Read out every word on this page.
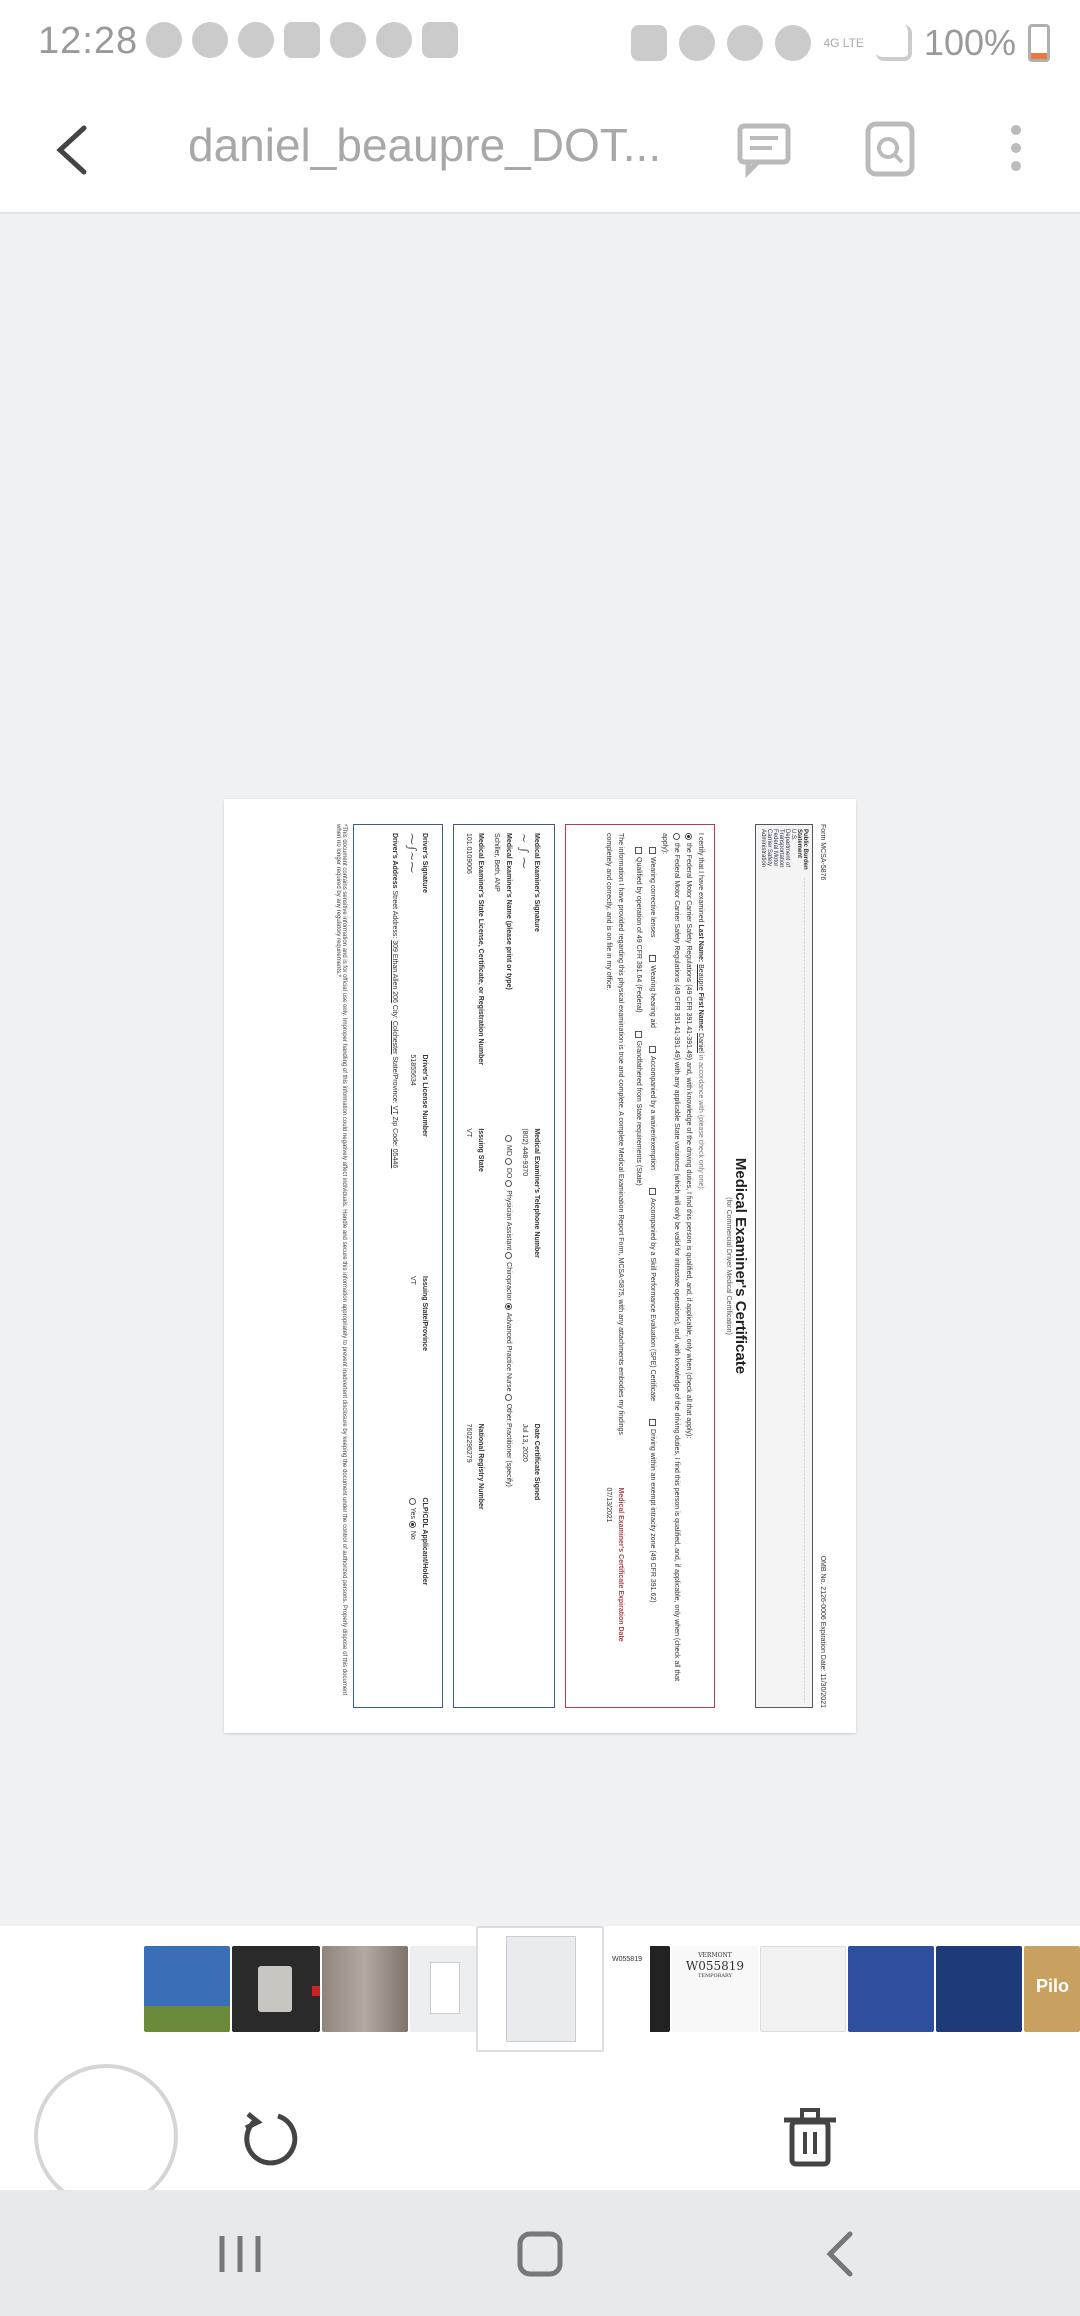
12:28	4G LTE 100%
daniel_beaupre_DOT...
Form MCSA-5876
OMB No. 2126-0006 Expiration Date: 11/30/2021
Public Burden Statement
U.S. Department of Transportation Federal Motor Carrier Safety Administration
..................................................................................................................................................................................................................................................................................................................................................................................................................................................................................................................................................................................................................
Medical Examiner's Certificate
(for Commercial Driver Medical Certification)
I certify that I have examined Last Name: Beaupre First Name: Daniel in accordance with (please check only one):
the Federal Motor Carrier Safety Regulations (49 CFR 391.41-391.49) and, with knowledge of the driving duties, I find this person is qualified, and, if applicable, only when (check all that apply):
the Federal Motor Carrier Safety Regulations (49 CFR 391.41-391.49) with any applicable State variances (which will only be valid for intrastate operations), and, with knowledge of the driving duties, I find this person is qualified, and, if applicable, only when (check all that apply):
Wearing corrective lenses
Wearing hearing aid
Accompanied by a waiver/exemption
Accompanied by a Skill Performance Evaluation (SPE) Certificate
Driving within an exempt intracity zone (49 CFR 391.62)
Qualified by operation of 49 CFR 391.64 (Federal)
Grandfathered from State requirements (State)
The information I have provided regarding this physical examination is true and complete. A complete Medical Examination Report Form, MCSA-5875, with any attachments embodies my findings completely and correctly, and is on file in my office.
Medical Examiner's Certificate Expiration Date
07/13/2021
Medical Examiner's Signature
~ ∫ ⁓
Medical Examiner's Telephone Number
(802) 448-9370
Date Certificate Signed
Jul 13, 2020
Medical Examiner's Name (please print or type)
Schiller, Beth, ANP
MD DO Physician Assistant Chiropractor Advanced Practice Nurse Other Practitioner (specify)
Medical Examiner's State License, Certificate, or Registration Number
101.0109006
Issuing State
VT
National Registry Number
7602295279
Driver's Signature
⁓∫~⁓
Driver's License Number
51855634
Issuing State/Province
VT
CLP/CDL Applicant/Holder
Yes No
Driver's Address Street Address: 309 Ethan Allen 206 City: Colchester State/Province: VT Zip Code: 05446
*This document contains sensitive information and is for official use only. Improper handling of this information could negatively affect individuals. Handle and secure this information appropriately to prevent inadvertent disclosure by keeping the document under the control of authorized persons. Properly dispose of this document when no longer required by any regulatory requirements.*
W055819
VERMONT
W055819
TEMPORARY	Pilo
